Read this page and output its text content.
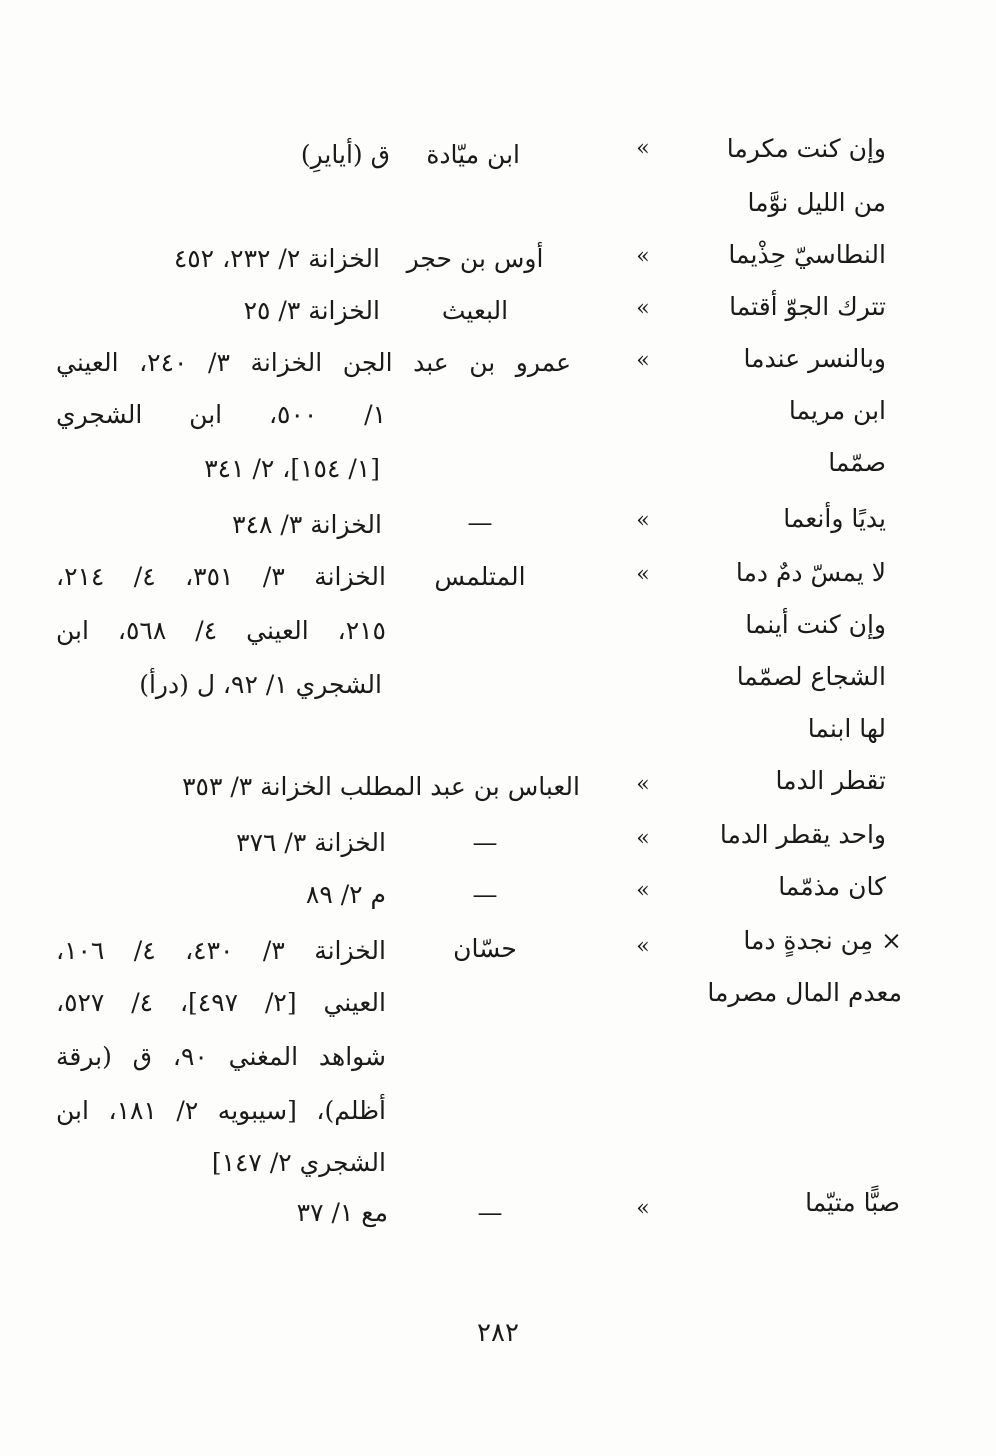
وإن كنت مكرما
»
ابن ميّادة
ق (أيايرِ)
من الليل نوَّما
النطاسيّ حِذْيما
»
أوس بن حجر
الخزانة ٢/ ٢٣٢، ٤٥٢
تترك الجوّ أقتما
»
البعيث
الخزانة ٣/ ٢٥
وبالنسر عندما
»
عمرو بن عبد الجن الخزانة ٣/ ٢٤٠، العيني
ابن مريما
١/ ٥٠٠، ابن الشجري
صمّما
[١/ ١٥٤]، ٢/ ٣٤١
يديًا وأنعما
»
—
الخزانة ٣/ ٣٤٨
لا يمسّ دمٌ دما
»
المتلمس
الخزانة ٣/ ٣٥١، ٤/ ٢١٤،
وإن كنت أينما
٢١٥، العيني ٤/ ٥٦٨، ابن
الشجاع لصمّما
الشجري ١/ ٩٢، ل (درأ)
لها ابنما
تقطر الدما
»
العباس بن عبد المطلب الخزانة ٣/ ٣٥٣
واحد يقطر الدما
»
—
الخزانة ٣/ ٣٧٦
كان مذمّما
»
—
م ٢/ ٨٩
× مِن نجدةٍ دما
»
حسّان
الخزانة ٣/ ٤٣٠، ٤/ ١٠٦،
معدم المال مصرما
العيني [٢/ ٤٩٧]، ٤/ ٥٢٧،
شواهد المغني ٩٠، ق (برقة
أظلم)، [سيبويه ٢/ ١٨١، ابن
الشجري ٢/ ١٤٧]
صبًّا متيّما
»
—
مع ١/ ٣٧
٢٨٢
